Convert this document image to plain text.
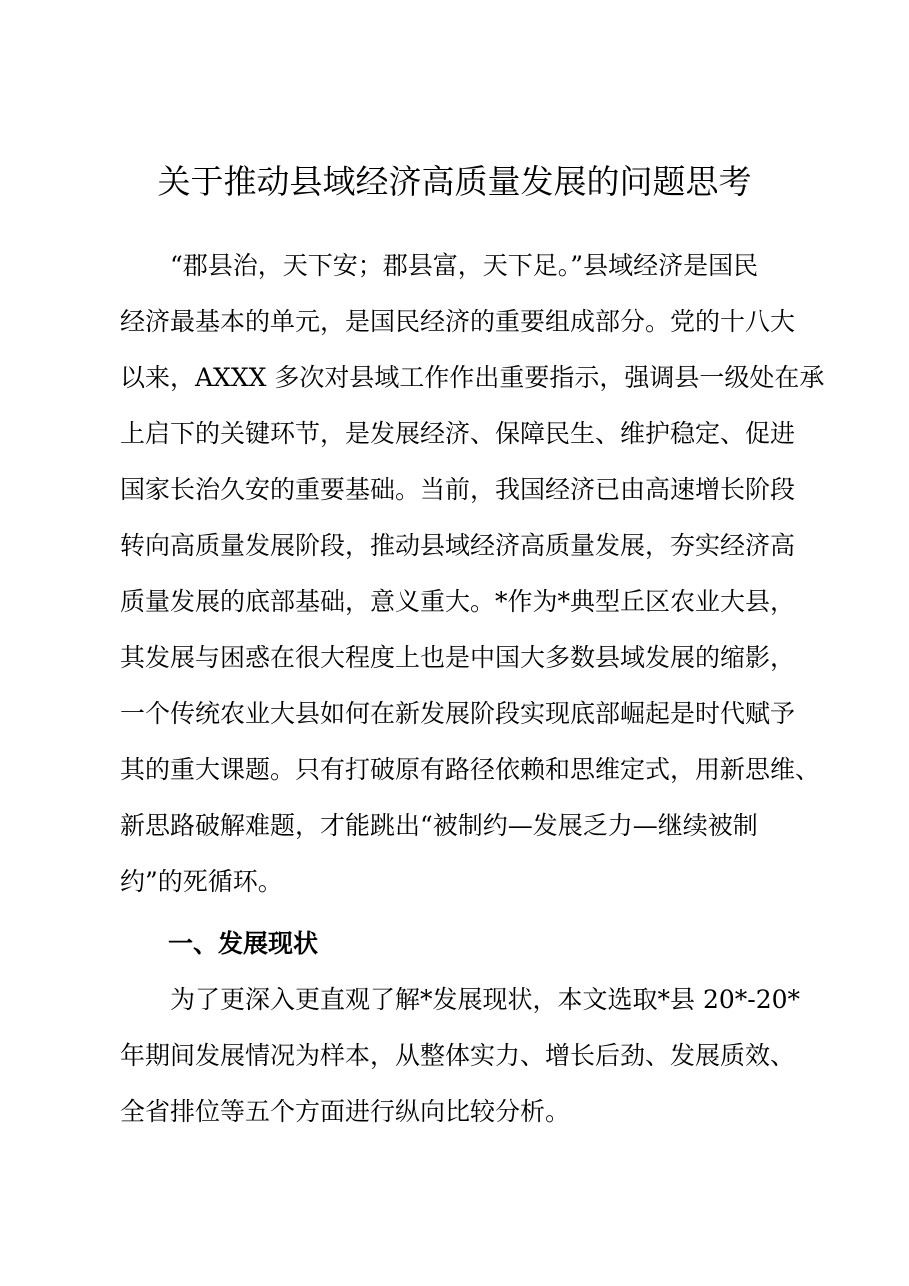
关于推动县域经济高质量发展的问题思考
“郡县治，天下安；郡县富，天下足。”县域经济是国民
经济最基本的单元，是国民经济的重要组成部分。党的十八大
以来，AXXX 多次对县域工作作出重要指示，强调县一级处在承
上启下的关键环节，是发展经济、保障民生、维护稳定、促进
国家长治久安的重要基础。当前，我国经济已由高速增长阶段
转向高质量发展阶段，推动县域经济高质量发展，夯实经济高
质量发展的底部基础，意义重大。*作为*典型丘区农业大县，
其发展与困惑在很大程度上也是中国大多数县域发展的缩影，
一个传统农业大县如何在新发展阶段实现底部崛起是时代赋予
其的重大课题。只有打破原有路径依赖和思维定式，用新思维、
新思路破解难题，才能跳出“被制约—发展乏力—继续被制
约”的死循环。
一、发展现状
为了更深入更直观了解*发展现状，本文选取*县 20*-20*
年期间发展情况为样本，从整体实力、增长后劲、发展质效、
全省排位等五个方面进行纵向比较分析。
